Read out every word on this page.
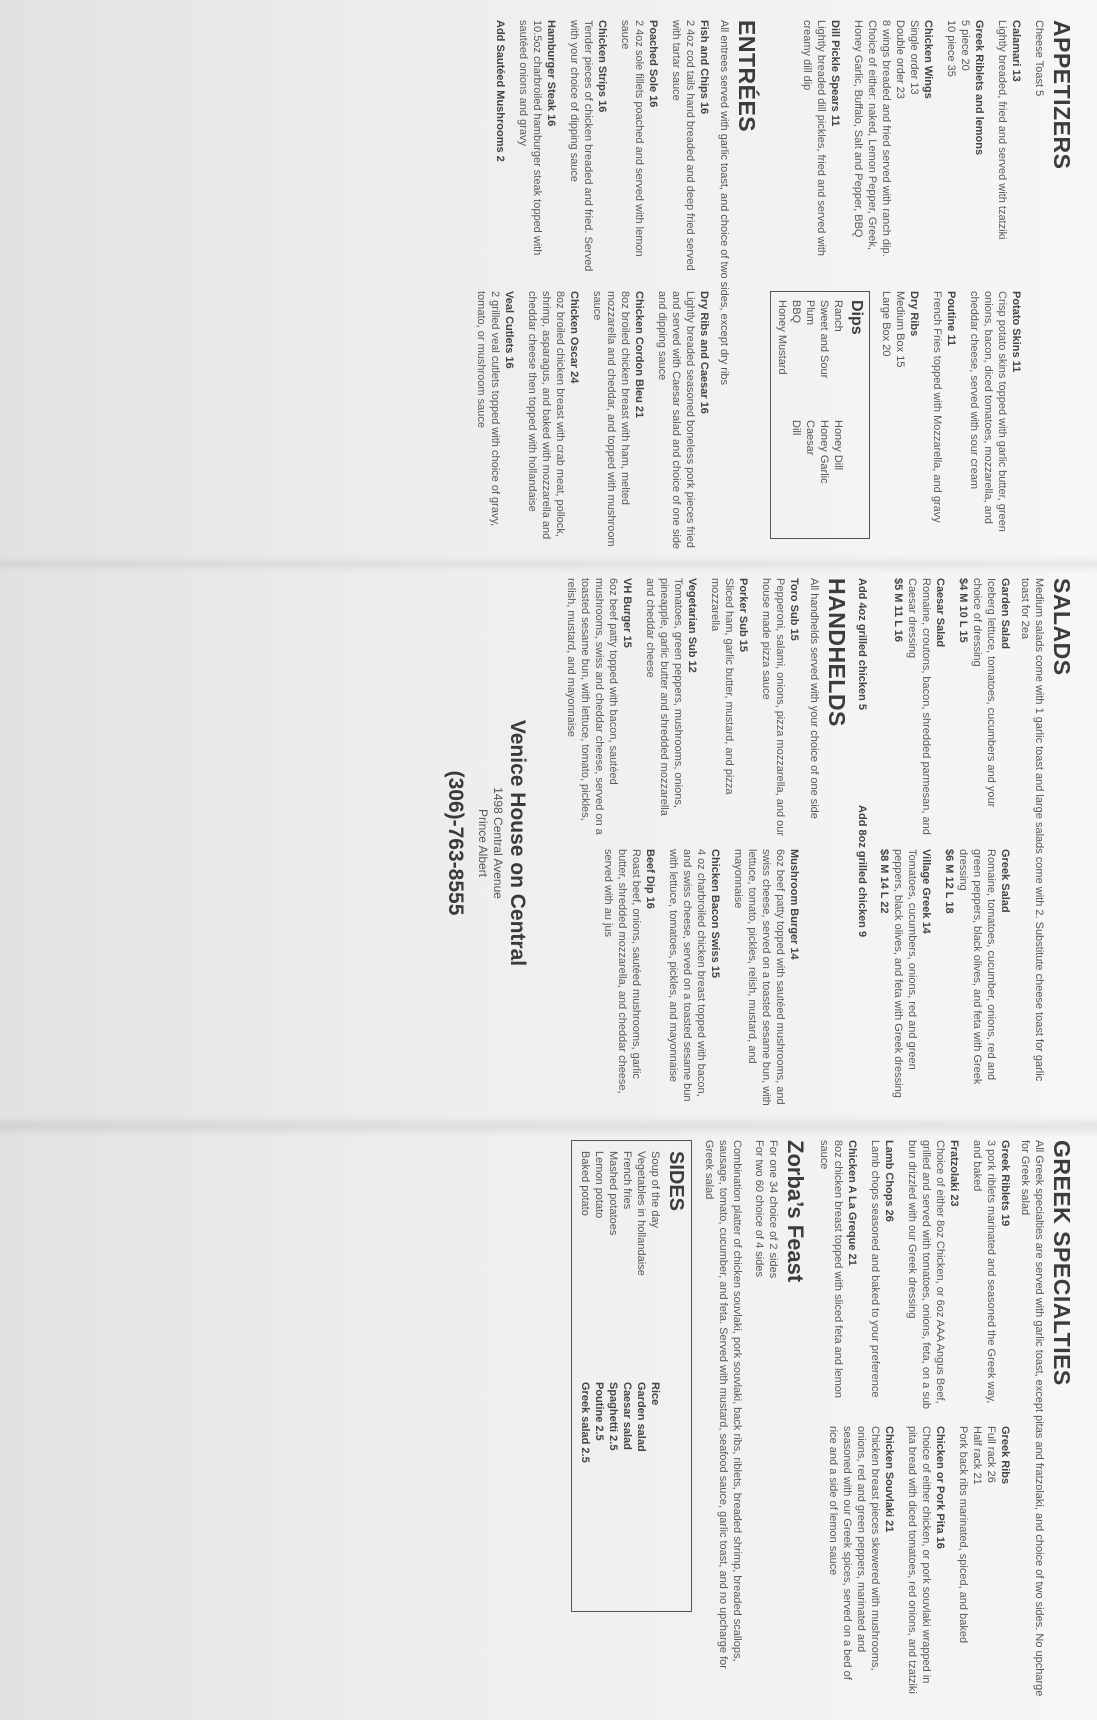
APPETIZERS
Cheese Toast 5
Calamari 13
Lightly breaded, fried and served with tzatziki
Greek Riblets and lemons
5 piece 20
10 piece 35
Chicken Wings
Single order 13
Double order 23
8 wings breaded and fried served with ranch dip. Choice of either: naked, Lemon Pepper, Greek, Honey Garlic, Buffalo, Salt and Pepper, BBQ
Dill Pickle Spears 11
Lightly breaded dill pickles, fried and served with creamy dill dip
Potato Skins 11
Crisp potato skins topped with garlic butter, green onions, bacon, diced tomatoes, mozzarella, and cheddar cheese, served with sour cream
Poutine 11
French Fries topped with Mozzarella, and gravy
Dry Ribs
Medium Box 15
Large Box 20
Dips
Ranch
Honey Dill
Sweet and Sour
Honey Garlic
Plum
Caesar
BBQ
Dill
Honey Mustard
ENTRÉES
All entrees served with garlic toast, and choice of two sides, except dry ribs
Fish and Chips 16
2 4oz cod tails hand breaded and deep fried served with tartar sauce
Poached Sole 16
2 4oz sole fillets poached and served with lemon sauce
Chicken Strips 16
Tender pieces of chicken breaded and fried. Served with your choice of dipping sauce
Hamburger Steak 16
10.5oz charbroiled hamburger steak topped with sautéed onions and gravy
Add Sautéed Mushrooms 2
Dry Ribs and Caesar 16
Lightly breaded seasoned boneless pork pieces fried and served with Caesar salad and choice of one side and dipping sauce
Chicken Cordon Bleu 21
8oz broiled chicken breast with ham, melted mozzarella and cheddar, and topped with mushroom sauce
Chicken Oscar 24
8oz broiled chicken breast with crab meat, pollock, shrimp, asparagus, and baked with mozzarella and cheddar cheese then topped with hollandaise
Veal Cutlets 16
2 grilled veal cutlets topped with choice of gravy, tomato, or mushroom sauce
SALADS
Medium salads come with 1 garlic toast and large salads come with 2. Substitute cheese toast for garlic toast for 2ea
Garden Salad
Iceberg lettuce, tomatoes, cucumbers and your choice of dressing
$4 M 10 L 15
Caesar Salad
Romaine, croutons, bacon, shredded parmesan, and Caesar dressing
$5 M 11 L 16
Greek Salad
Romaine, tomatoes, cucumber, onions, red and green peppers, black olives, and feta with Greek dressing
$6 M 12 L 18
Village Greek 14
Tomatoes, cucumbers, onions, red and green peppers, black olives, and feta with Greek dressing
$8 M 14 L 22
Add 4oz grilled chicken 5
Add 8oz grilled chicken 9
HANDHELDS
All handhelds served with your choice of one side
Toro Sub 15
Pepperoni, salami, onions, pizza mozzarella, and our house made pizza sauce
Porker Sub 15
Sliced ham, garlic butter, mustard, and pizza mozzarella
Vegetarian Sub 12
Tomatoes, green peppers, mushrooms, onions, pineapple, garlic butter and shredded mozzarella and cheddar cheese
VH Burger 15
6oz beef patty topped with bacon, sautéed mushrooms, swiss and cheddar cheese, served on a toasted sesame bun, with lettuce, tomato, pickles, relish, mustard, and mayonnaise
Mushroom Burger 14
6oz beef patty topped with sautéed mushrooms, and swiss cheese, served on a toasted sesame bun, with lettuce, tomato, pickles, relish, mustard, and mayonnaise
Chicken Bacon Swiss 15
4 oz charbroiled chicken breast topped with bacon, and swiss cheese, served on a toasted sesame bun with lettuce, tomatoes, pickles, and mayonnaise
Beef Dip 16
Roast beef, onions, sautéed mushrooms, garlic butter, shredded mozzarella, and cheddar cheese, served with au jus
Venice House on Central
1498 Central Avenue
Prince Albert
(306)-763-8555
GREEK SPECIALTIES
All Greek specialties are served with garlic toast, except pitas and fratzolaki, and choice of two sides. No upcharge for Greek salad
Greek Riblets 19
3 pork riblets marinated and seasoned the Greek way, and baked
Fratzolaki 23
Choice of either 8oz Chicken, or 6oz AAA Angus Beef, grilled and served with tomatoes, onions, feta, on a sub bun drizzled with our Greek dressing
Lamb Chops 26
Lamb chops seasoned and baked to your preference
Chicken A La Greque 21
8oz chicken breast topped with sliced feta and lemon sauce
Greek Ribs
Full rack 26
Half rack 21
Pork back ribs marinated, spiced, and baked
Chicken or Pork Pita 16
Choice of either chicken, or pork souvlaki wrapped in pita bread with diced tomatoes, red onions, and tzatziki
Chicken Souvlaki 21
Chicken breast pieces skewered with mushrooms, onions, red and green peppers, marinated and seasoned with our Greek spices, served on a bed of rice and a side of lemon sauce
Zorba’s Feast

For one 34 choice of 2 sides

For two 60 choice of 4 sides

Combination platter of chicken souvlaki, pork souvlaki, back ribs, riblets, breaded shrimp, breaded scallops, sausage, tomato, cucumber, and feta. Served with mustard, seafood sauce, garlic toast, and no upcharge for Greek salad

SIDES
Soup of the day
Vegetables in hollandaise
French fries
Mashed potatoes
Lemon potato
Baked potato
Rice
Garden salad
Caesar salad
Spaghetti 2.5
Poutine 2.5
Greek salad 2.5
